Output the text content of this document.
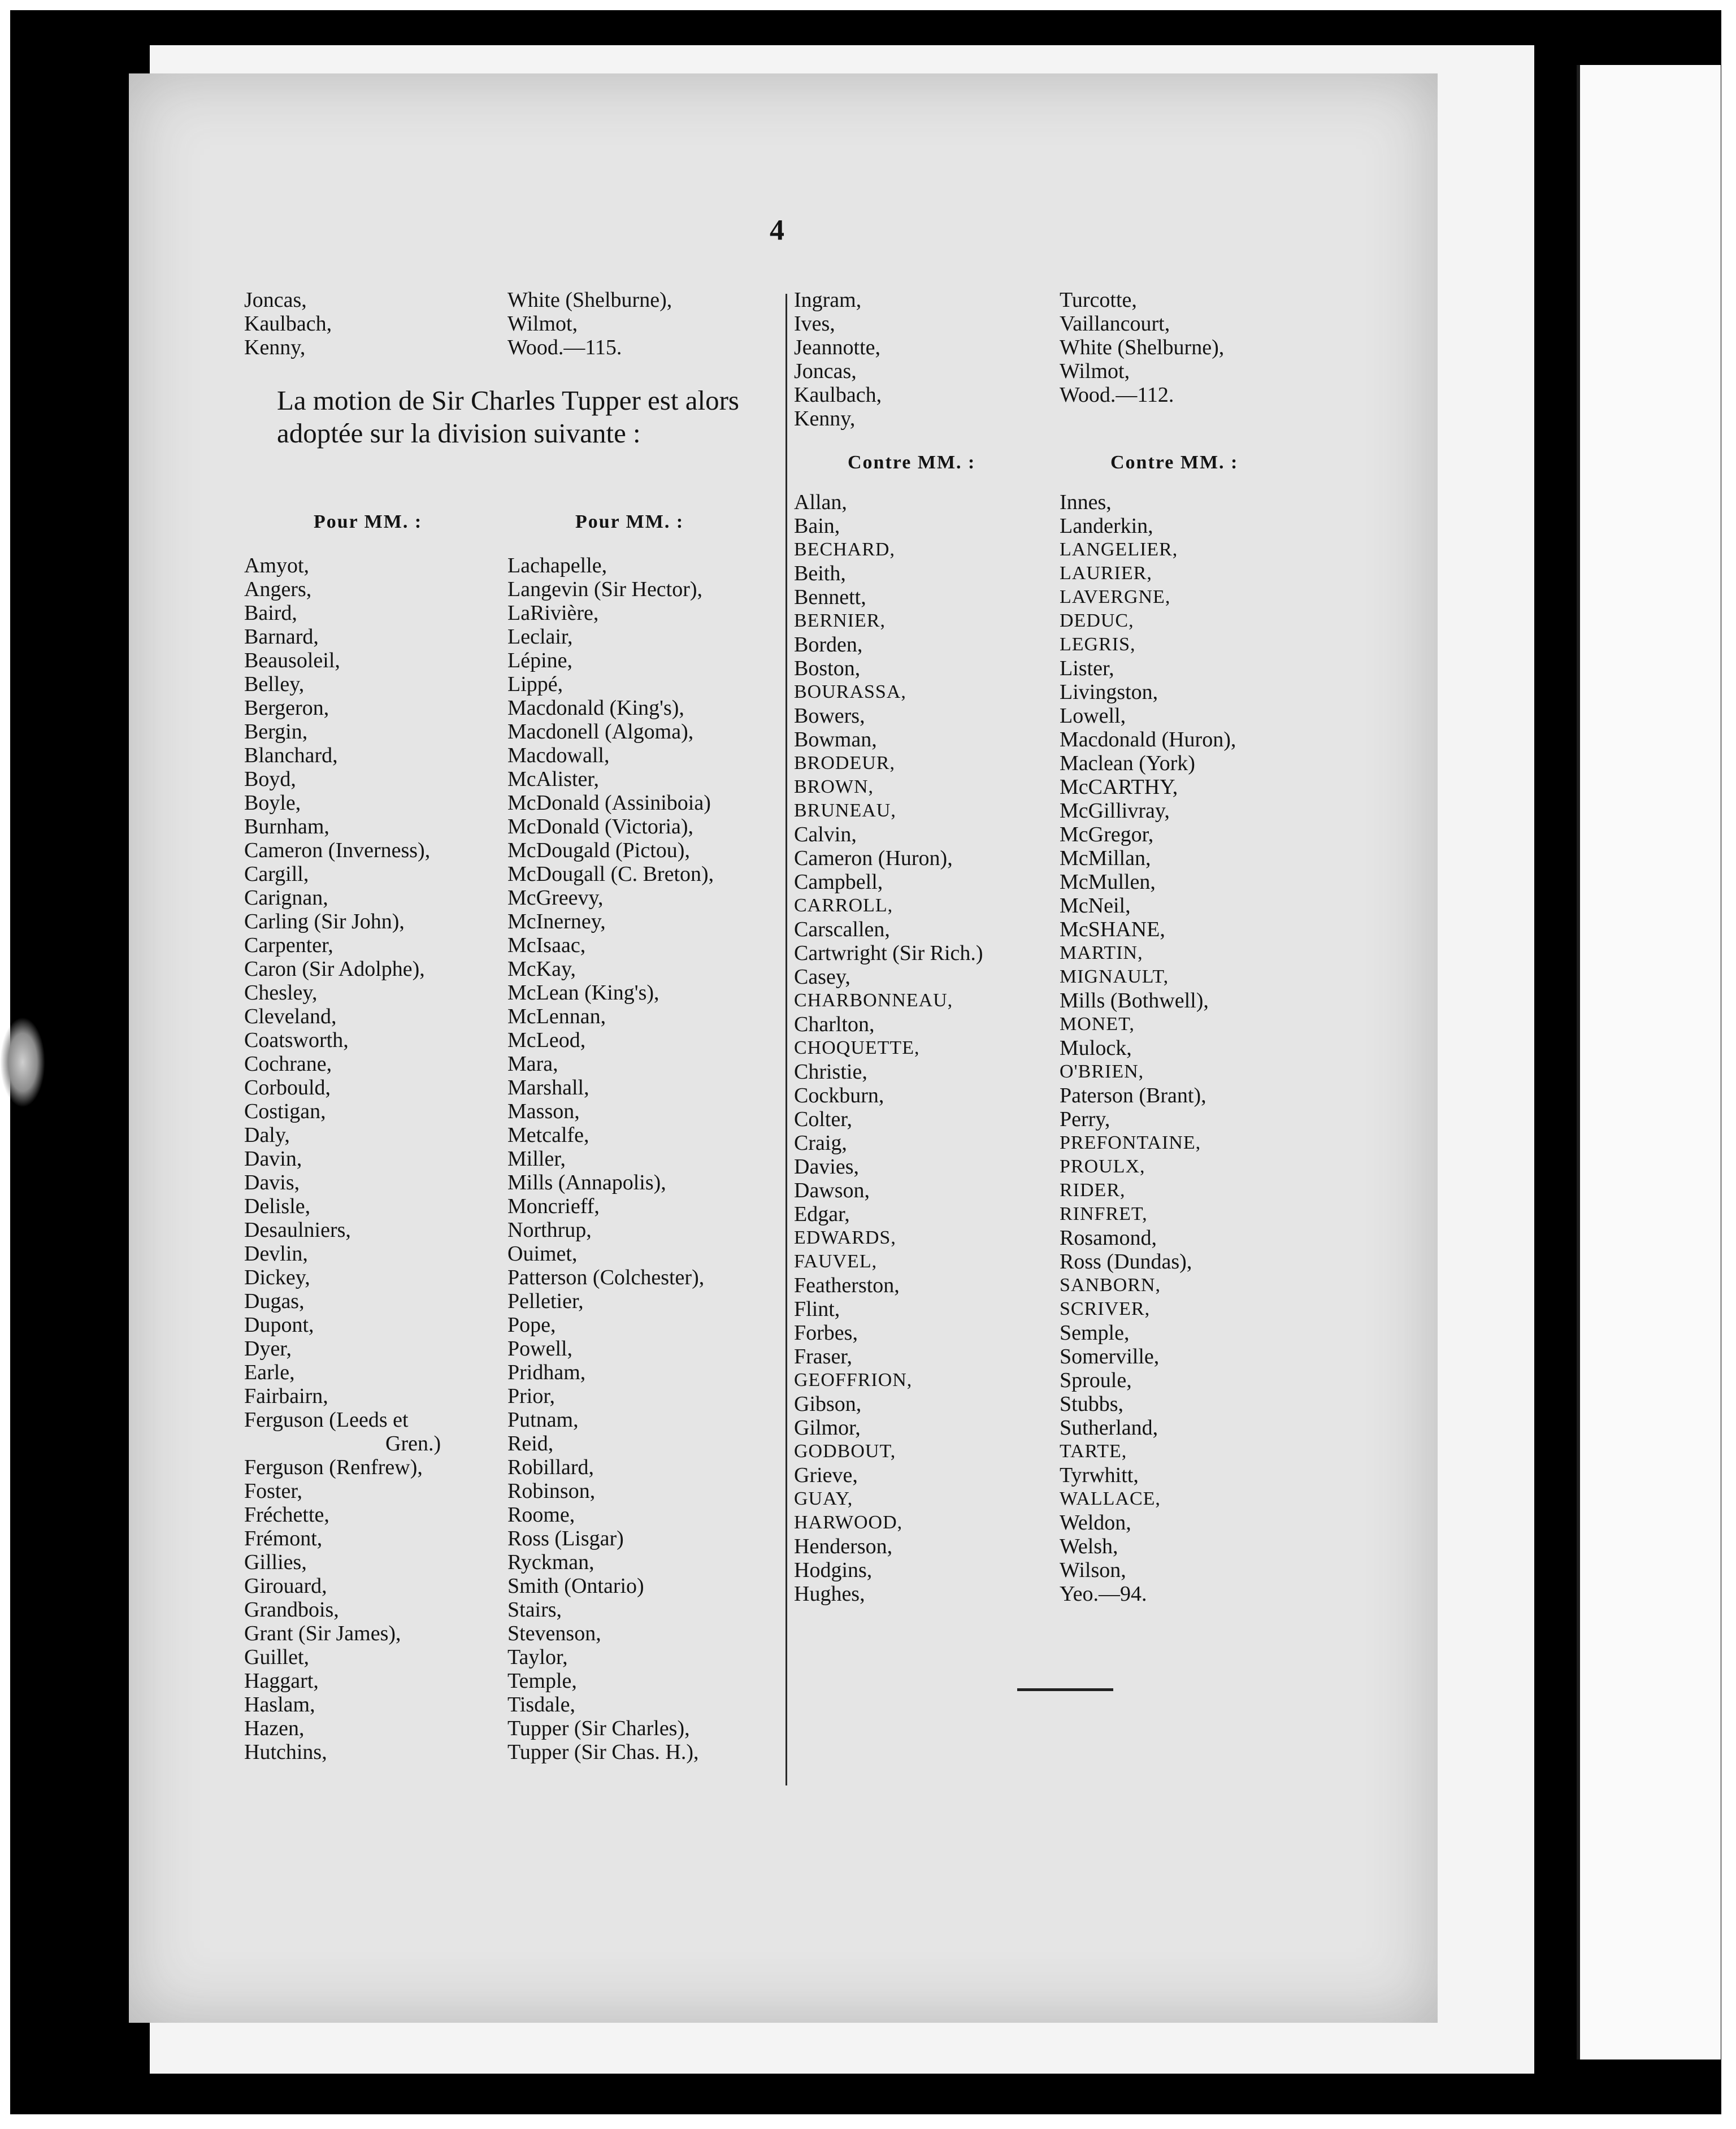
4
Joncas,
Kaulbach,
Kenny,
White (Shelburne),
Wilmot,
Wood.—115.
La motion de Sir Charles Tupper est alors adoptée sur la division suivante :
Pour MM. :	Pour MM. :
Amyot,
Angers,
Baird,
Barnard,
Beausoleil,
Belley,
Bergeron,
Bergin,
Blanchard,
Boyd,
Boyle,
Burnham,
Cameron (Inverness),
Cargill,
Carignan,
Carling (Sir John),
Carpenter,
Caron (Sir Adolphe),
Chesley,
Cleveland,
Coatsworth,
Cochrane,
Corbould,
Costigan,
Daly,
Davin,
Davis,
Delisle,
Desaulniers,
Devlin,
Dickey,
Dugas,
Dupont,
Dyer,
Earle,
Fairbairn,
Ferguson (Leeds et
Gren.)
Ferguson (Renfrew),
Foster,
Fréchette,
Frémont,
Gillies,
Girouard,
Grandbois,
Grant (Sir James),
Guillet,
Haggart,
Haslam,
Hazen,
Hutchins,
Lachapelle,
Langevin (Sir Hector),
LaRivière,
Leclair,
Lépine,
Lippé,
Macdonald (King's),
Macdonell (Algoma),
Macdowall,
McAlister,
McDonald (Assiniboia)
McDonald (Victoria),
McDougald (Pictou),
McDougall (C. Breton),
McGreevy,
McInerney,
McIsaac,
McKay,
McLean (King's),
McLennan,
McLeod,
Mara,
Marshall,
Masson,
Metcalfe,
Miller,
Mills (Annapolis),
Moncrieff,
Northrup,
Ouimet,
Patterson (Colchester),
Pelletier,
Pope,
Powell,
Pridham,
Prior,
Putnam,
Reid,
Robillard,
Robinson,
Roome,
Ross (Lisgar)
Ryckman,
Smith (Ontario)
Stairs,
Stevenson,
Taylor,
Temple,
Tisdale,
Tupper (Sir Charles),
Tupper (Sir Chas. H.),
Ingram,
Ives,
Jeannotte,
Joncas,
Kaulbach,
Kenny,
Turcotte,
Vaillancourt,
White (Shelburne),
Wilmot,
Wood.—112.
Contre MM. :	Contre MM. :
Allan,
Bain,
BECHARD,
Beith,
Bennett,
BERNIER,
Borden,
Boston,
BOURASSA,
Bowers,
Bowman,
BRODEUR,
BROWN,
BRUNEAU,
Calvin,
Cameron (Huron),
Campbell,
CARROLL,
Carscallen,
Cartwright (Sir Rich.)
Casey,
CHARBONNEAU,
Charlton,
CHOQUETTE,
Christie,
Cockburn,
Colter,
Craig,
Davies,
Dawson,
Edgar,
EDWARDS,
FAUVEL,
Featherston,
Flint,
Forbes,
Fraser,
GEOFFRION,
Gibson,
Gilmor,
GODBOUT,
Grieve,
GUAY,
HARWOOD,
Henderson,
Hodgins,
Hughes,
Innes,
Landerkin,
LANGELIER,
LAURIER,
LAVERGNE,
DEDUC,
LEGRIS,
Lister,
Livingston,
Lowell,
Macdonald (Huron),
Maclean (York)
McCARTHY,
McGillivray,
McGregor,
McMillan,
McMullen,
McNeil,
McSHANE,
MARTIN,
MIGNAULT,
Mills (Bothwell),
MONET,
Mulock,
O'BRIEN,
Paterson (Brant),
Perry,
PREFONTAINE,
PROULX,
RIDER,
RINFRET,
Rosamond,
Ross (Dundas),
SANBORN,
SCRIVER,
Semple,
Somerville,
Sproule,
Stubbs,
Sutherland,
TARTE,
Tyrwhitt,
WALLACE,
Weldon,
Welsh,
Wilson,
Yeo.—94.
